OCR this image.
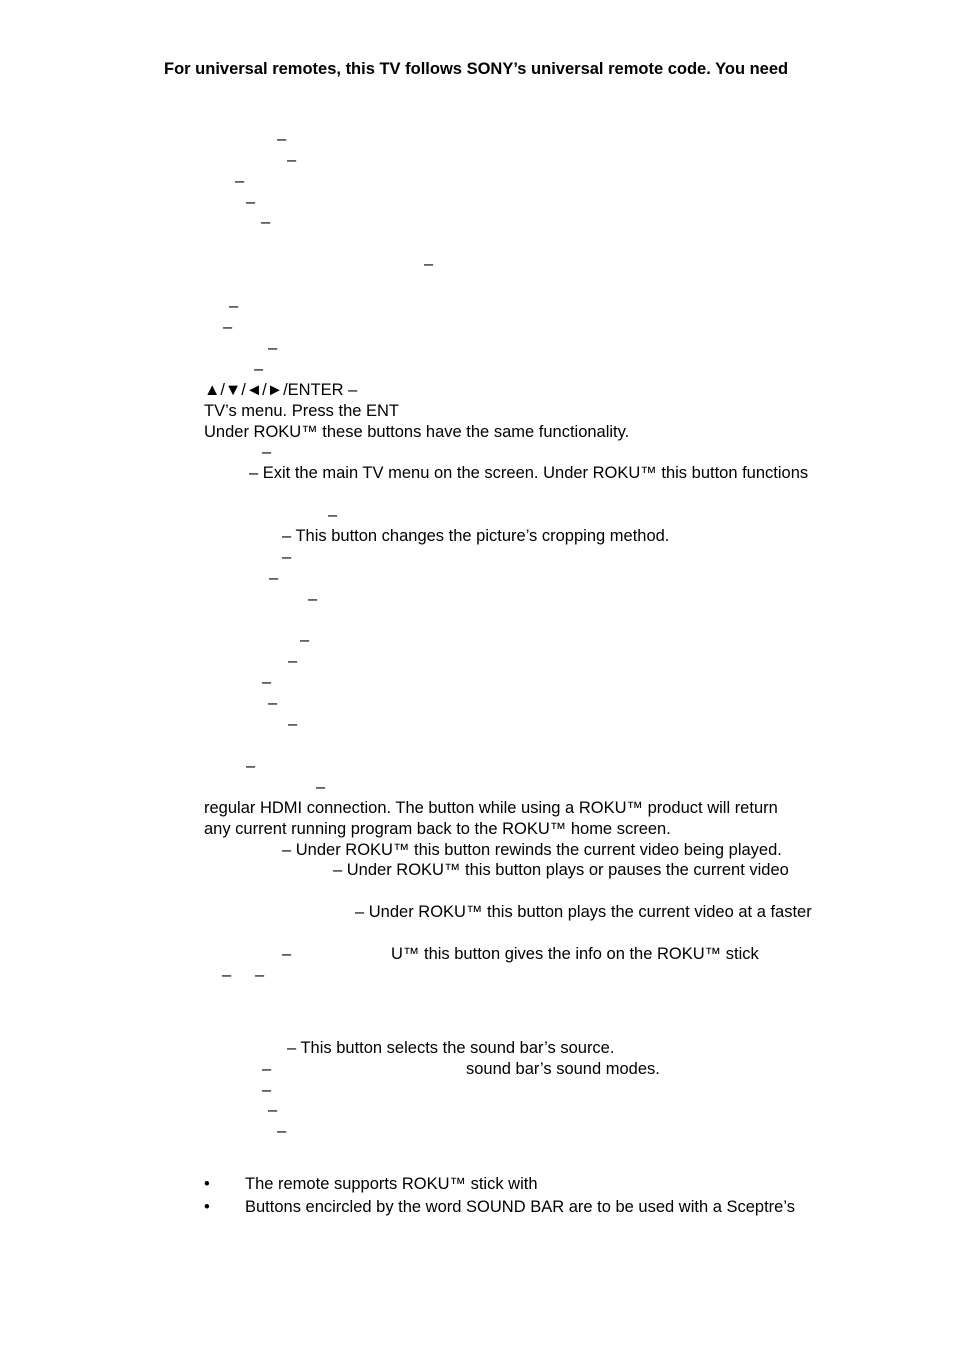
For universal remotes, this TV follows SONY’s universal remote code. You need
–
–
–
–
–
–
–
–
–
–
▲/▼/◄/►/ENTER –
TV’s menu. Press the ENT
Under ROKU™ these buttons have the same functionality.
–
– Exit the main TV menu on the screen. Under ROKU™ this button functions
–
– This button changes the picture’s cropping method.
–
–
–
–
–
–
–
–
–
–
regular HDMI connection. The button while using a ROKU™ product will return
any current running program back to the ROKU™ home screen.
– Under ROKU™ this button rewinds the current video being played.
– Under ROKU™ this button plays or pauses the current video
– Under ROKU™ this button plays the current video at a faster
–	U™ this button gives the info on the ROKU™ stick
– –
– This button selects the sound bar’s source.
–	sound bar’s sound modes.
–
–
–
•	The remote supports ROKU™ stick with
•	Buttons encircled by the word SOUND BAR are to be used with a Sceptre’s
